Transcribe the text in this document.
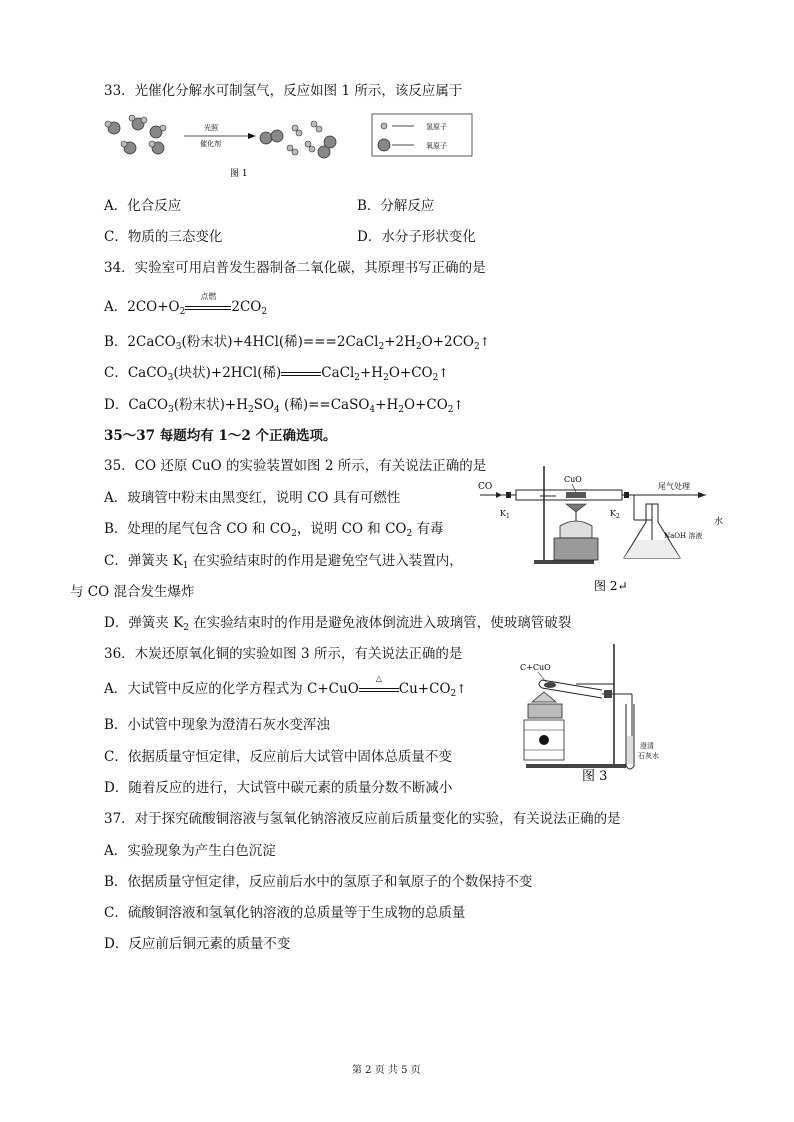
33．光催化分解水可制氢气，反应如图 1 所示，该反应属于
光照
催化剂
氢原子
氧原子
图 1
A．化合反应	B．分解反应
C．物质的三态变化	D．水分子形状变化
34．实验室可用启普发生器制备二氧化碳，其原理书写正确的是
A．$2CO+O_2$
点燃
$2CO_2$
B．2CaCO$_3$(粉末状)+4HCl(稀)$===2CaCl_2+2H_2O+2CO_2↑$
C．CaCO$_3$(块状)+2HCl(稀)	$CaCl_2+H_2O+CO_2↑$
D．CaCO$_3$(粉末状)$+H_2SO_4$ (稀)$==CaSO_4+H_2O+CO_2↑$
35～37 每题均有 1～2 个正确选项。
35．CO 还原 CuO 的实验装置如图 2 所示，有关说法正确的是
A．玻璃管中粉末由黑变红，说明 CO 具有可燃性
B．处理的尾气包含 CO 和 $CO_2$，说明 CO 和 $CO_2$ 有毒
C．弹簧夹 $K_1$ 在实验结束时的作用是避免空气进入装置内，
与 CO 混合发生爆炸
D．弹簧夹 $K_2$ 在实验结束时的作用是避免液体倒流进入玻璃管，使玻璃管破裂
CO
$K_1$
CuO
尾气处理
$K_2$
NaOH 溶液
水
图 2↵
36．木炭还原氧化铜的实验如图 3 所示，有关说法正确的是
A．大试管中反应的化学方程式为 C+CuO
△
$Cu+CO_2↑$
B．小试管中现象为澄清石灰水变浑浊
C．依据质量守恒定律，反应前后大试管中固体总质量不变
D．随着反应的进行，大试管中碳元素的质量分数不断减小
C+CuO
澄清
石灰水
图 3
37．对于探究硫酸铜溶液与氢氧化钠溶液反应前后质量变化的实验，有关说法正确的是
A．实验现象为产生白色沉淀
B．依据质量守恒定律，反应前后水中的氢原子和氧原子的个数保持不变
C．硫酸铜溶液和氢氧化钠溶液的总质量等于生成物的总质量
D．反应前后铜元素的质量不变
第 2 页 共 5 页
